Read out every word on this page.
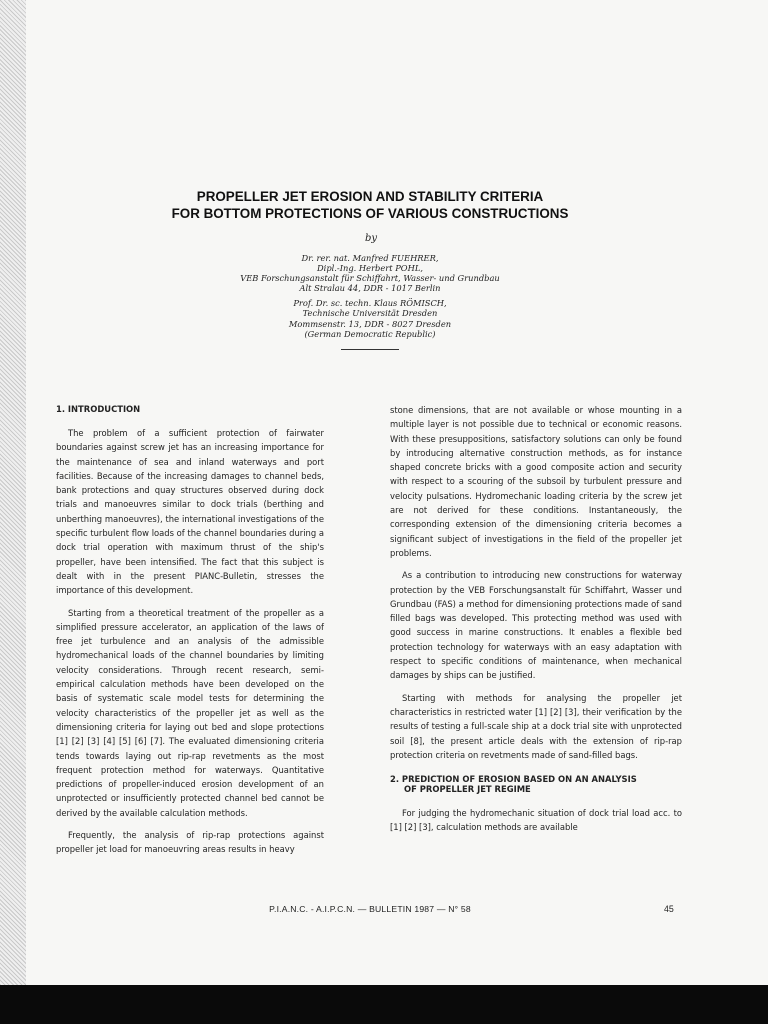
PROPELLER JET EROSION AND STABILITY CRITERIA
FOR BOTTOM PROTECTIONS OF VARIOUS CONSTRUCTIONS
by
Dr. rer. nat. Manfred FUEHRER,
Dipl.-Ing. Herbert POHL,
VEB Forschungsanstalt für Schiffahrt, Wasser- und Grundbau
Alt Stralau 44, DDR - 1017 Berlin
Prof. Dr. sc. techn. Klaus RÖMISCH,
Technische Universität Dresden
Mommsenstr. 13, DDR - 8027 Dresden
(German Democratic Republic)
1. INTRODUCTION

The problem of a sufficient protection of fairwater boundaries against screw jet has an increasing importance for the maintenance of sea and inland waterways and port facilities. Because of the increasing damages to channel beds, bank protections and quay structures observed during dock trials and manoeuvres similar to dock trials (berthing and unberthing manoeuvres), the international investigations of the specific turbulent flow loads of the channel boundaries during a dock trial operation with maximum thrust of the ship's propeller, have been intensified. The fact that this subject is dealt with in the present PIANC-Bulletin, stresses the importance of this development.

Starting from a theoretical treatment of the propeller as a simplified pressure accelerator, an application of the laws of free jet turbulence and an analysis of the admissible hydromechanical loads of the channel boundaries by limiting velocity considerations. Through recent research, semi-empirical calculation methods have been developed on the basis of systematic scale model tests for determining the velocity characteristics of the propeller jet as well as the dimensioning criteria for laying out bed and slope protections [1] [2] [3] [4] [5] [6] [7]. The evaluated dimensioning criteria tends towards laying out rip-rap revetments as the most frequent protection method for waterways. Quantitative predictions of propeller-induced erosion development of an unprotected or insufficiently protected channel bed cannot be derived by the available calculation methods.

Frequently, the analysis of rip-rap protections against propeller jet load for manoeuvring areas results in heavy

stone dimensions, that are not available or whose mounting in a multiple layer is not possible due to technical or economic reasons. With these presuppositions, satisfactory solutions can only be found by introducing alternative construction methods, as for instance shaped concrete bricks with a good composite action and security with respect to a scouring of the subsoil by turbulent pressure and velocity pulsations. Hydromechanic loading criteria by the screw jet are not derived for these conditions. Instantaneously, the corresponding extension of the dimensioning criteria becomes a significant subject of investigations in the field of the propeller jet problems.

As a contribution to introducing new constructions for waterway protection by the VEB Forschungsanstalt für Schiffahrt, Wasser und Grundbau (FAS) a method for dimensioning protections made of sand filled bags was developed. This protecting method was used with good success in marine constructions. It enables a flexible bed protection technology for waterways with an easy adaptation with respect to specific conditions of maintenance, when mechanical damages by ships can be justified.

Starting with methods for analysing the propeller jet characteristics in restricted water [1] [2] [3], their verification by the results of testing a full-scale ship at a dock trial site with unprotected soil [8], the present article deals with the extension of rip-rap protection criteria on revetments made of sand-filled bags.

2. PREDICTION OF EROSION BASED ON AN ANALYSIS
OF PROPELLER JET REGIME

For judging the hydromechanic situation of dock trial load acc. to [1] [2] [3], calculation methods are available

P.I.A.N.C. - A.I.P.C.N. — BULLETIN 1987 — N° 58	45
